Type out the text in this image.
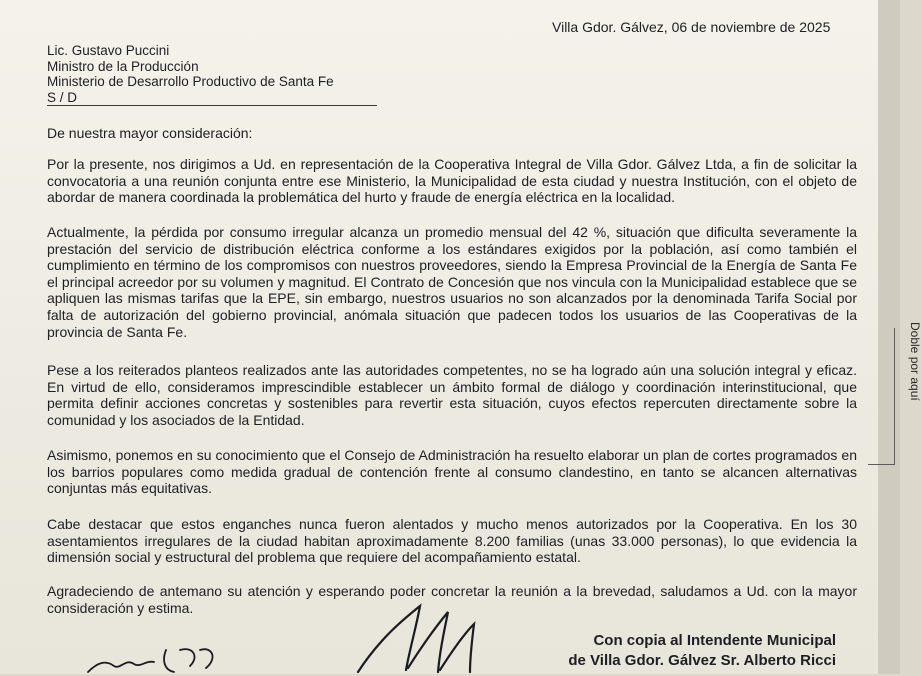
Villa Gdor. Gálvez, 06 de noviembre de 2025
Lic. Gustavo Puccini
Ministro de la Producción
Ministerio de Desarrollo Productivo de Santa Fe
S / D
De nuestra mayor consideración:

Por la presente, nos dirigimos a Ud. en representación de la Cooperativa Integral de Villa Gdor. Gálvez Ltda, a fin de solicitar la convocatoria a una reunión conjunta entre ese Ministerio, la Municipalidad de esta ciudad y nuestra Institución, con el objeto de abordar de manera coordinada la problemática del hurto y fraude de energía eléctrica en la localidad.

Actualmente, la pérdida por consumo irregular alcanza un promedio mensual del 42 %, situación que dificulta severamente la prestación del servicio de distribución eléctrica conforme a los estándares exigidos por la población, así como también el cumplimiento en término de los compromisos con nuestros proveedores, siendo la Empresa Provincial de la Energía de Santa Fe el principal acreedor por su volumen y magnitud. El Contrato de Concesión que nos vincula con la Municipalidad establece que se apliquen las mismas tarifas que la EPE, sin embargo, nuestros usuarios no son alcanzados por la denominada Tarifa Social por falta de autorización del gobierno provincial, anómala situación que padecen todos los usuarios de las Cooperativas de la provincia de Santa Fe.

Pese a los reiterados planteos realizados ante las autoridades competentes, no se ha logrado aún una solución integral y eficaz. En virtud de ello, consideramos imprescindible establecer un ámbito formal de diálogo y coordinación interinstitucional, que permita definir acciones concretas y sostenibles para revertir esta situación, cuyos efectos repercuten directamente sobre la comunidad y los asociados de la Entidad.

Asimismo, ponemos en su conocimiento que el Consejo de Administración ha resuelto elaborar un plan de cortes programados en los barrios populares como medida gradual de contención frente al consumo clandestino, en tanto se alcancen alternativas conjuntas más equitativas.

Cabe destacar que estos enganches nunca fueron alentados y mucho menos autorizados por la Cooperativa. En los 30 asentamientos irregulares de la ciudad habitan aproximadamente 8.200 familias (unas 33.000 personas), lo que evidencia la dimensión social y estructural del problema que requiere del acompañamiento estatal.

Agradeciendo de antemano su atención y esperando poder concretar la reunión a la brevedad, saludamos a Ud. con la mayor consideración y estima.

Con copia al Intendente Municipal
de Villa Gdor. Gálvez Sr. Alberto Ricci
Doble por aquí
